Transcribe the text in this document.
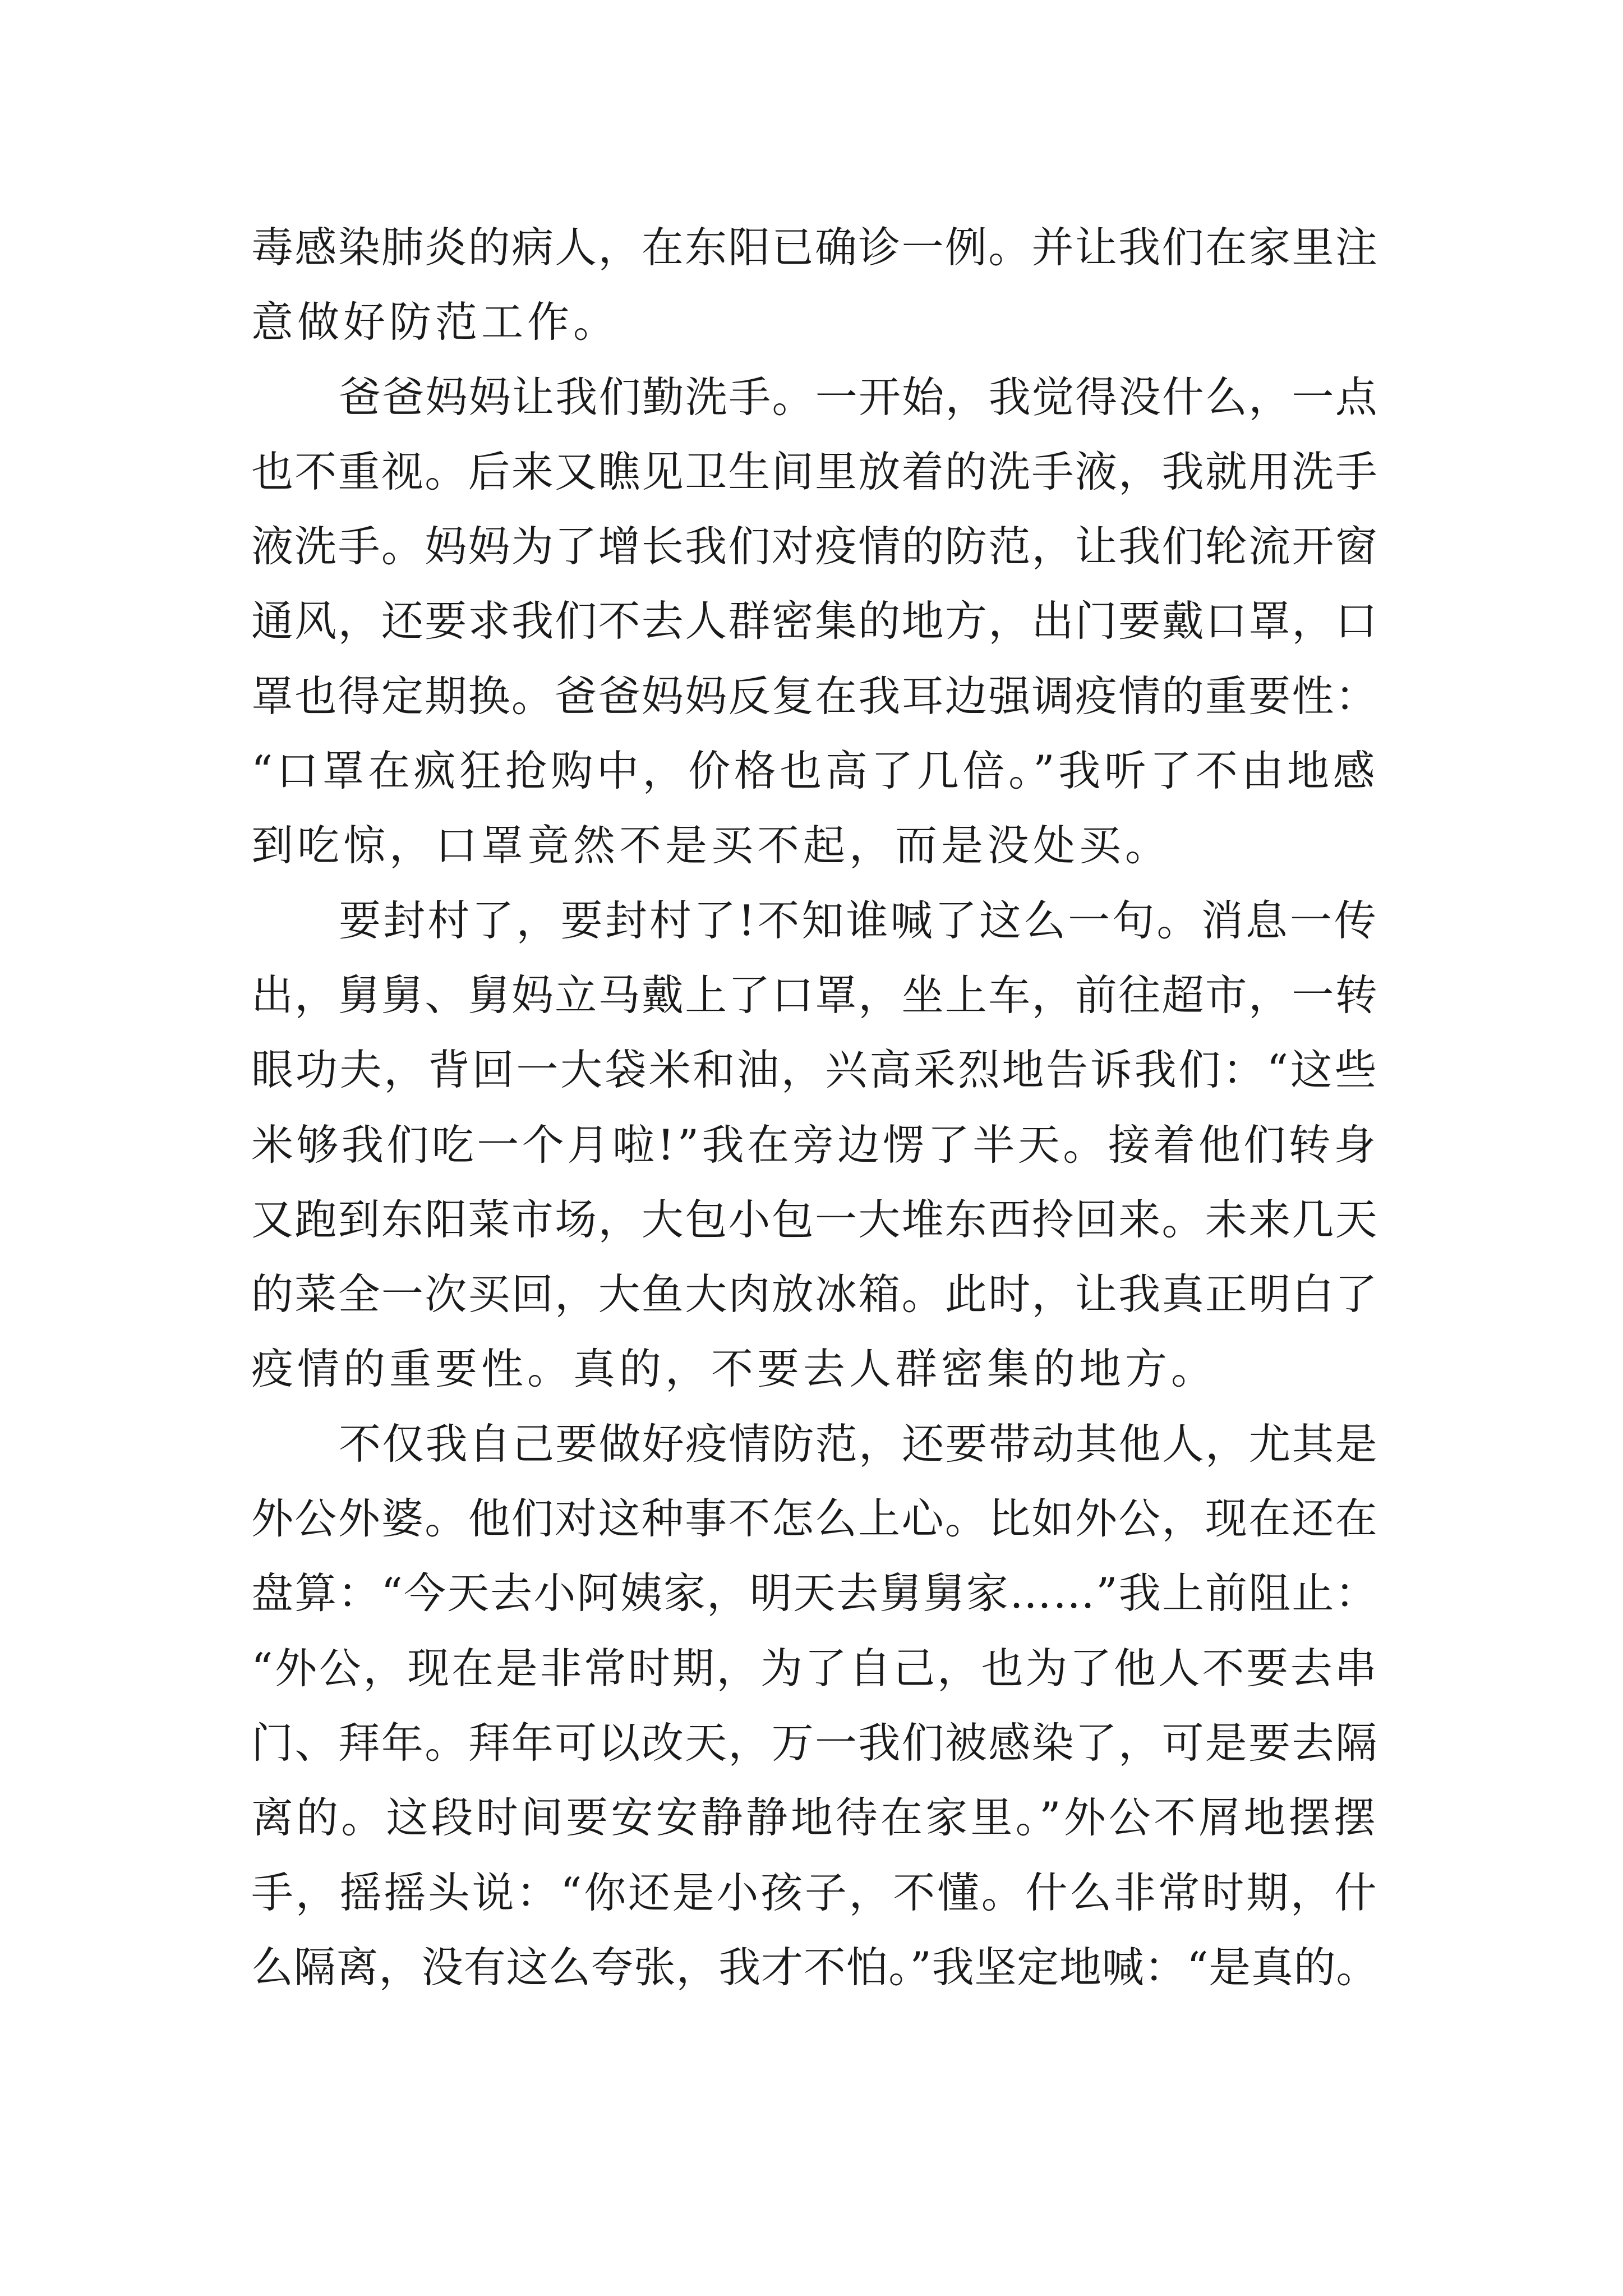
毒感染肺炎的病人，在东阳已确诊一例。并让我们在家里注
意做好防范工作。
爸爸妈妈让我们勤洗手。一开始，我觉得没什么，一点
也不重视。后来又瞧见卫生间里放着的洗手液，我就用洗手
液洗手。妈妈为了增长我们对疫情的防范，让我们轮流开窗
通风，还要求我们不去人群密集的地方，出门要戴口罩，口
罩也得定期换。爸爸妈妈反复在我耳边强调疫情的重要性：
“口罩在疯狂抢购中，价格也高了几倍。”我听了不由地感
到吃惊，口罩竟然不是买不起，而是没处买。
要封村了，要封村了!不知谁喊了这么一句。消息一传
出，舅舅、舅妈立马戴上了口罩，坐上车，前往超市，一转
眼功夫，背回一大袋米和油，兴高采烈地告诉我们：“这些
米够我们吃一个月啦!”我在旁边愣了半天。接着他们转身
又跑到东阳菜市场，大包小包一大堆东西拎回来。未来几天
的菜全一次买回，大鱼大肉放冰箱。此时，让我真正明白了
疫情的重要性。真的，不要去人群密集的地方。
不仅我自己要做好疫情防范，还要带动其他人，尤其是
外公外婆。他们对这种事不怎么上心。比如外公，现在还在
盘算：“今天去小阿姨家，明天去舅舅家……”我上前阻止：
“外公，现在是非常时期，为了自己，也为了他人不要去串
门、拜年。拜年可以改天，万一我们被感染了，可是要去隔
离的。这段时间要安安静静地待在家里。”外公不屑地摆摆
手，摇摇头说：“你还是小孩子，不懂。什么非常时期，什
么隔离，没有这么夸张，我才不怕。”我坚定地喊：“是真的。
